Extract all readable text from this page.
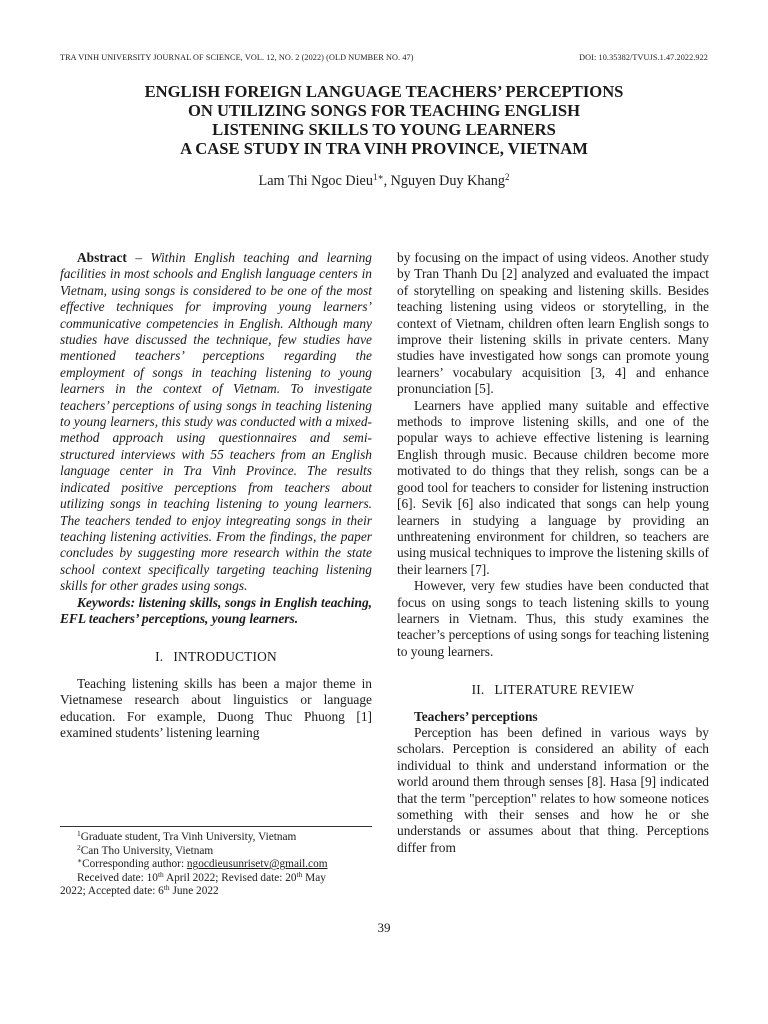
TRA VINH UNIVERSITY JOURNAL OF SCIENCE, VOL. 12, NO. 2 (2022) (OLD NUMBER NO. 47)	DOI: 10.35382/TVUJS.1.47.2022.922
ENGLISH FOREIGN LANGUAGE TEACHERS’ PERCEPTIONS
ON UTILIZING SONGS FOR TEACHING ENGLISH
LISTENING SKILLS TO YOUNG LEARNERS
A CASE STUDY IN TRA VINH PROVINCE, VIETNAM
Lam Thi Ngoc Dieu$^{1∗}$, Nguyen Duy Khang$^2$

Abstract – Within English teaching and learning facilities in most schools and English language centers in Vietnam, using songs is considered to be one of the most effective techniques for improving young learners’ communicative competencies in English. Although many studies have discussed the technique, few studies have mentioned teachers’ perceptions regarding the employment of songs in teaching listening to young learners in the context of Vietnam. To investigate teachers’ perceptions of using songs in teaching listening to young learners, this study was conducted with a mixed-method approach using questionnaires and semi-structured interviews with 55 teachers from an English language center in Tra Vinh Province. The results indicated positive perceptions from teachers about utilizing songs in teaching listening to young learners. The teachers tended to enjoy integreating songs in their teaching listening activities. From the findings, the paper concludes by suggesting more research within the state school context specifically targeting teaching listening skills for other grades using songs.

Keywords: listening skills, songs in English teaching, EFL teachers’ perceptions, young learners.

I. INTRODUCTION

Teaching listening skills has been a major theme in Vietnamese research about linguistics or language education. For example, Duong Thuc Phuong [1] examined students’ listening learning

by focusing on the impact of using videos. Another study by Tran Thanh Du [2] analyzed and evaluated the impact of storytelling on speaking and listening skills. Besides teaching listening using videos or storytelling, in the context of Vietnam, children often learn English songs to improve their listening skills in private centers. Many studies have investigated how songs can promote young learners’ vocabulary acquisition [3, 4] and enhance pronunciation [5].

Learners have applied many suitable and effective methods to improve listening skills, and one of the popular ways to achieve effective listening is learning English through music. Because children become more motivated to do things that they relish, songs can be a good tool for teachers to consider for listening instruction [6]. Sevik [6] also indicated that songs can help young learners in studying a language by providing an unthreatening environment for children, so teachers are using musical techniques to improve the listening skills of their learners [7].

However, very few studies have been conducted that focus on using songs to teach listening skills to young learners in Vietnam. Thus, this study examines the teacher’s perceptions of using songs for teaching listening to young learners.

II. LITERATURE REVIEW

Teachers’ perceptions

Perception has been defined in various ways by scholars. Perception is considered an ability of each individual to think and understand information or the world around them through senses [8]. Hasa [9] indicated that the term "perception" relates to how someone notices something with their senses and how he or she understands or assumes about that thing. Perceptions differ from

$^1$Graduate student, Tra Vinh University, Vietnam
$^2$Can Tho University, Vietnam
∗Corresponding author: ngocdieusunrisetv@gmail.com
Received date: 10th April 2022; Revised date: 20th May
2022; Accepted date: 6th June 2022
39
